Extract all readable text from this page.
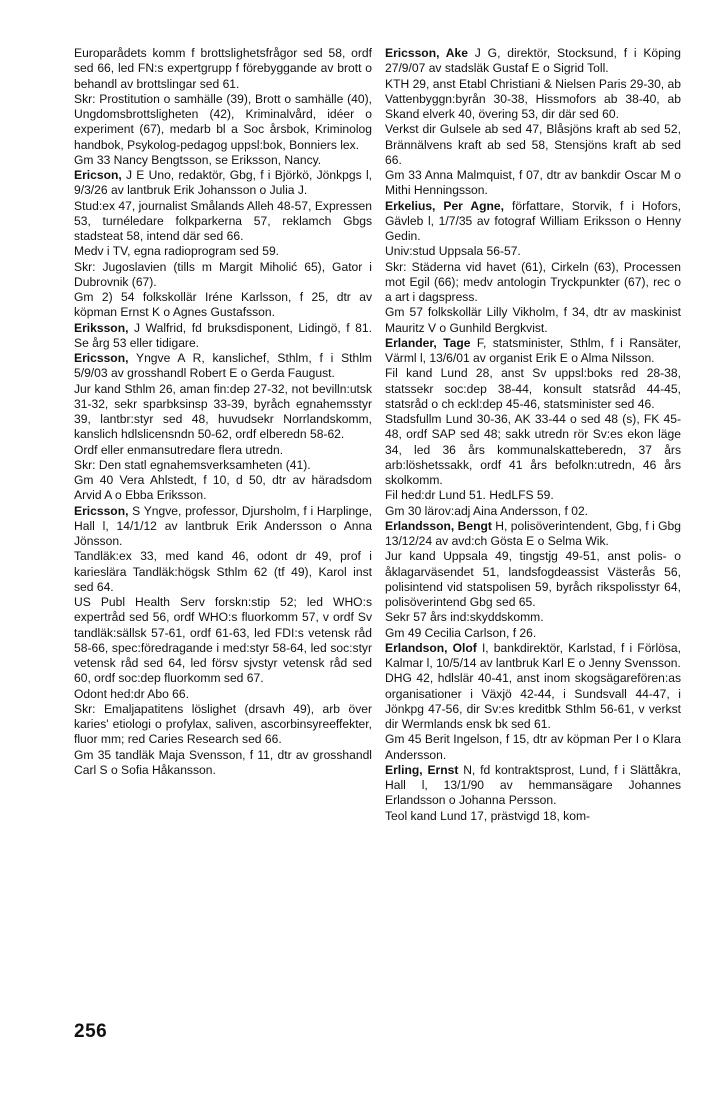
Europarådets komm f brottslighetsfrågor sed 58, ordf sed 66, led FN:s expertgrupp f förebyggande av brott o behandl av brottslingar sed 61.

Skr: Prostitution o samhälle (39), Brott o samhälle (40), Ungdomsbrottsligheten (42), Kriminalvård, idéer o experiment (67), medarb bl a Soc årsbok, Kriminolog handbok, Psykolog-pedagog uppsl:bok, Bonniers lex.

Gm 33 Nancy Bengtsson, se Eriksson, Nancy.

Ericson, J E Uno, redaktör, Gbg, f i Björkö, Jönkpgs l, 9/3/26 av lantbruk Erik Johansson o Julia J.

Stud:ex 47, journalist Smålands Alleh 48-57, Expressen 53, turnéledare folkparkerna 57, reklamch Gbgs stadsteat 58, intend där sed 66.

Medv i TV, egna radioprogram sed 59.

Skr: Jugoslavien (tills m Margit Miholić 65), Gator i Dubrovnik (67).

Gm 2) 54 folkskollär Iréne Karlsson, f 25, dtr av köpman Ernst K o Agnes Gustafsson.

Eriksson, J Walfrid, fd bruksdisponent, Lidingö, f 81. Se årg 53 eller tidigare.

Ericsson, Yngve A R, kanslichef, Sthlm, f i Sthlm 5/9/03 av grosshandl Robert E o Gerda Faugust.

Jur kand Sthlm 26, aman fin:dep 27-32, not bevilln:utsk 31-32, sekr sparbksinsp 33-39, byråch egnahemsstyr 39, lantbr:styr sed 48, huvudsekr Norrlandskomm, kanslich hdlslicensndn 50-62, ordf elberedn 58-62.

Ordf eller enmansutredare flera utredn.

Skr: Den statl egnahemsverksamheten (41).

Gm 40 Vera Ahlstedt, f 10, d 50, dtr av häradsdom Arvid A o Ebba Eriksson.

Ericsson, S Yngve, professor, Djursholm, f i Harplinge, Hall l, 14/1/12 av lantbruk Erik Andersson o Anna Jönsson.

Tandläk:ex 33, med kand 46, odont dr 49, prof i karieslära Tandläk:högsk Sthlm 62 (tf 49), Karol inst sed 64.

US Publ Health Serv forskn:stip 52; led WHO:s expertråd sed 56, ordf WHO:s fluorkomm 57, v ordf Sv tandläk:sällsk 57-61, ordf 61-63, led FDI:s vetensk råd 58-66, spec:föredragande i med:styr 58-64, led soc:styr vetensk råd sed 64, led försv sjvstyr vetensk råd sed 60, ordf soc:dep fluorkomm sed 67.

Odont hed:dr Abo 66.

Skr: Emaljapatitens löslighet (drsavh 49), arb över karies' etiologi o profylax, saliven, ascorbinsyreeffekter, fluor mm; red Caries Research sed 66.

Gm 35 tandläk Maja Svensson, f 11, dtr av grosshandl Carl S o Sofia Håkansson.

Ericsson, Ake J G, direktör, Stocksund, f i Köping 27/9/07 av stadsläk Gustaf E o Sigrid Toll.

KTH 29, anst Etabl Christiani & Nielsen Paris 29-30, ab Vattenbyggn:byrån 30-38, Hissmofors ab 38-40, ab Skand elverk 40, övering 53, dir där sed 60.

Verkst dir Gulsele ab sed 47, Blåsjöns kraft ab sed 52, Brännälvens kraft ab sed 58, Stensjöns kraft ab sed 66.

Gm 33 Anna Malmquist, f 07, dtr av bankdir Oscar M o Mithi Henningsson.

Erkelius, Per Agne, författare, Storvik, f i Hofors, Gävleb l, 1/7/35 av fotograf William Eriksson o Henny Gedin.

Univ:stud Uppsala 56-57.

Skr: Städerna vid havet (61), Cirkeln (63), Processen mot Egil (66); medv antologin Tryckpunkter (67), rec o a art i dagspress.

Gm 57 folkskollär Lilly Vikholm, f 34, dtr av maskinist Mauritz V o Gunhild Bergkvist.

Erlander, Tage F, statsminister, Sthlm, f i Ransäter, Värml l, 13/6/01 av organist Erik E o Alma Nilsson.

Fil kand Lund 28, anst Sv uppsl:boks red 28-38, statssekr soc:dep 38-44, konsult statsråd 44-45, statsråd o ch eckl:dep 45-46, statsminister sed 46.

Stadsfullm Lund 30-36, AK 33-44 o sed 48 (s), FK 45-48, ordf SAP sed 48; sakk utredn rör Sv:es ekon läge 34, led 36 års kommunalskatteberedn, 37 års arb:löshetssakk, ordf 41 års befolkn:utredn, 46 års skolkomm.

Fil hed:dr Lund 51. HedLFS 59.

Gm 30 lärov:adj Aina Andersson, f 02.

Erlandsson, Bengt H, polisöverintendent, Gbg, f i Gbg 13/12/24 av avd:ch Gösta E o Selma Wik.

Jur kand Uppsala 49, tingstjg 49-51, anst polis- o åklagarväsendet 51, landsfogdeassist Västerås 56, polisintend vid statspolisen 59, byråch rikspolisstyr 64, polisöverintend Gbg sed 65.

Sekr 57 års ind:skyddskomm.

Gm 49 Cecilia Carlson, f 26.

Erlandson, Olof I, bankdirektör, Karlstad, f i Förlösa, Kalmar l, 10/5/14 av lantbruk Karl E o Jenny Svensson.

DHG 42, hdlslär 40-41, anst inom skogsägarefören:as organisationer i Växjö 42-44, i Sundsvall 44-47, i Jönkpg 47-56, dir Sv:es kreditbk Sthlm 56-61, v verkst dir Wermlands ensk bk sed 61.

Gm 45 Berit Ingelson, f 15, dtr av köpman Per I o Klara Andersson.

Erling, Ernst N, fd kontraktsprost, Lund, f i Slättåkra, Hall l, 13/1/90 av hemmansägare Johannes Erlandsson o Johanna Persson.

Teol kand Lund 17, prästvigd 18, kom-

256
